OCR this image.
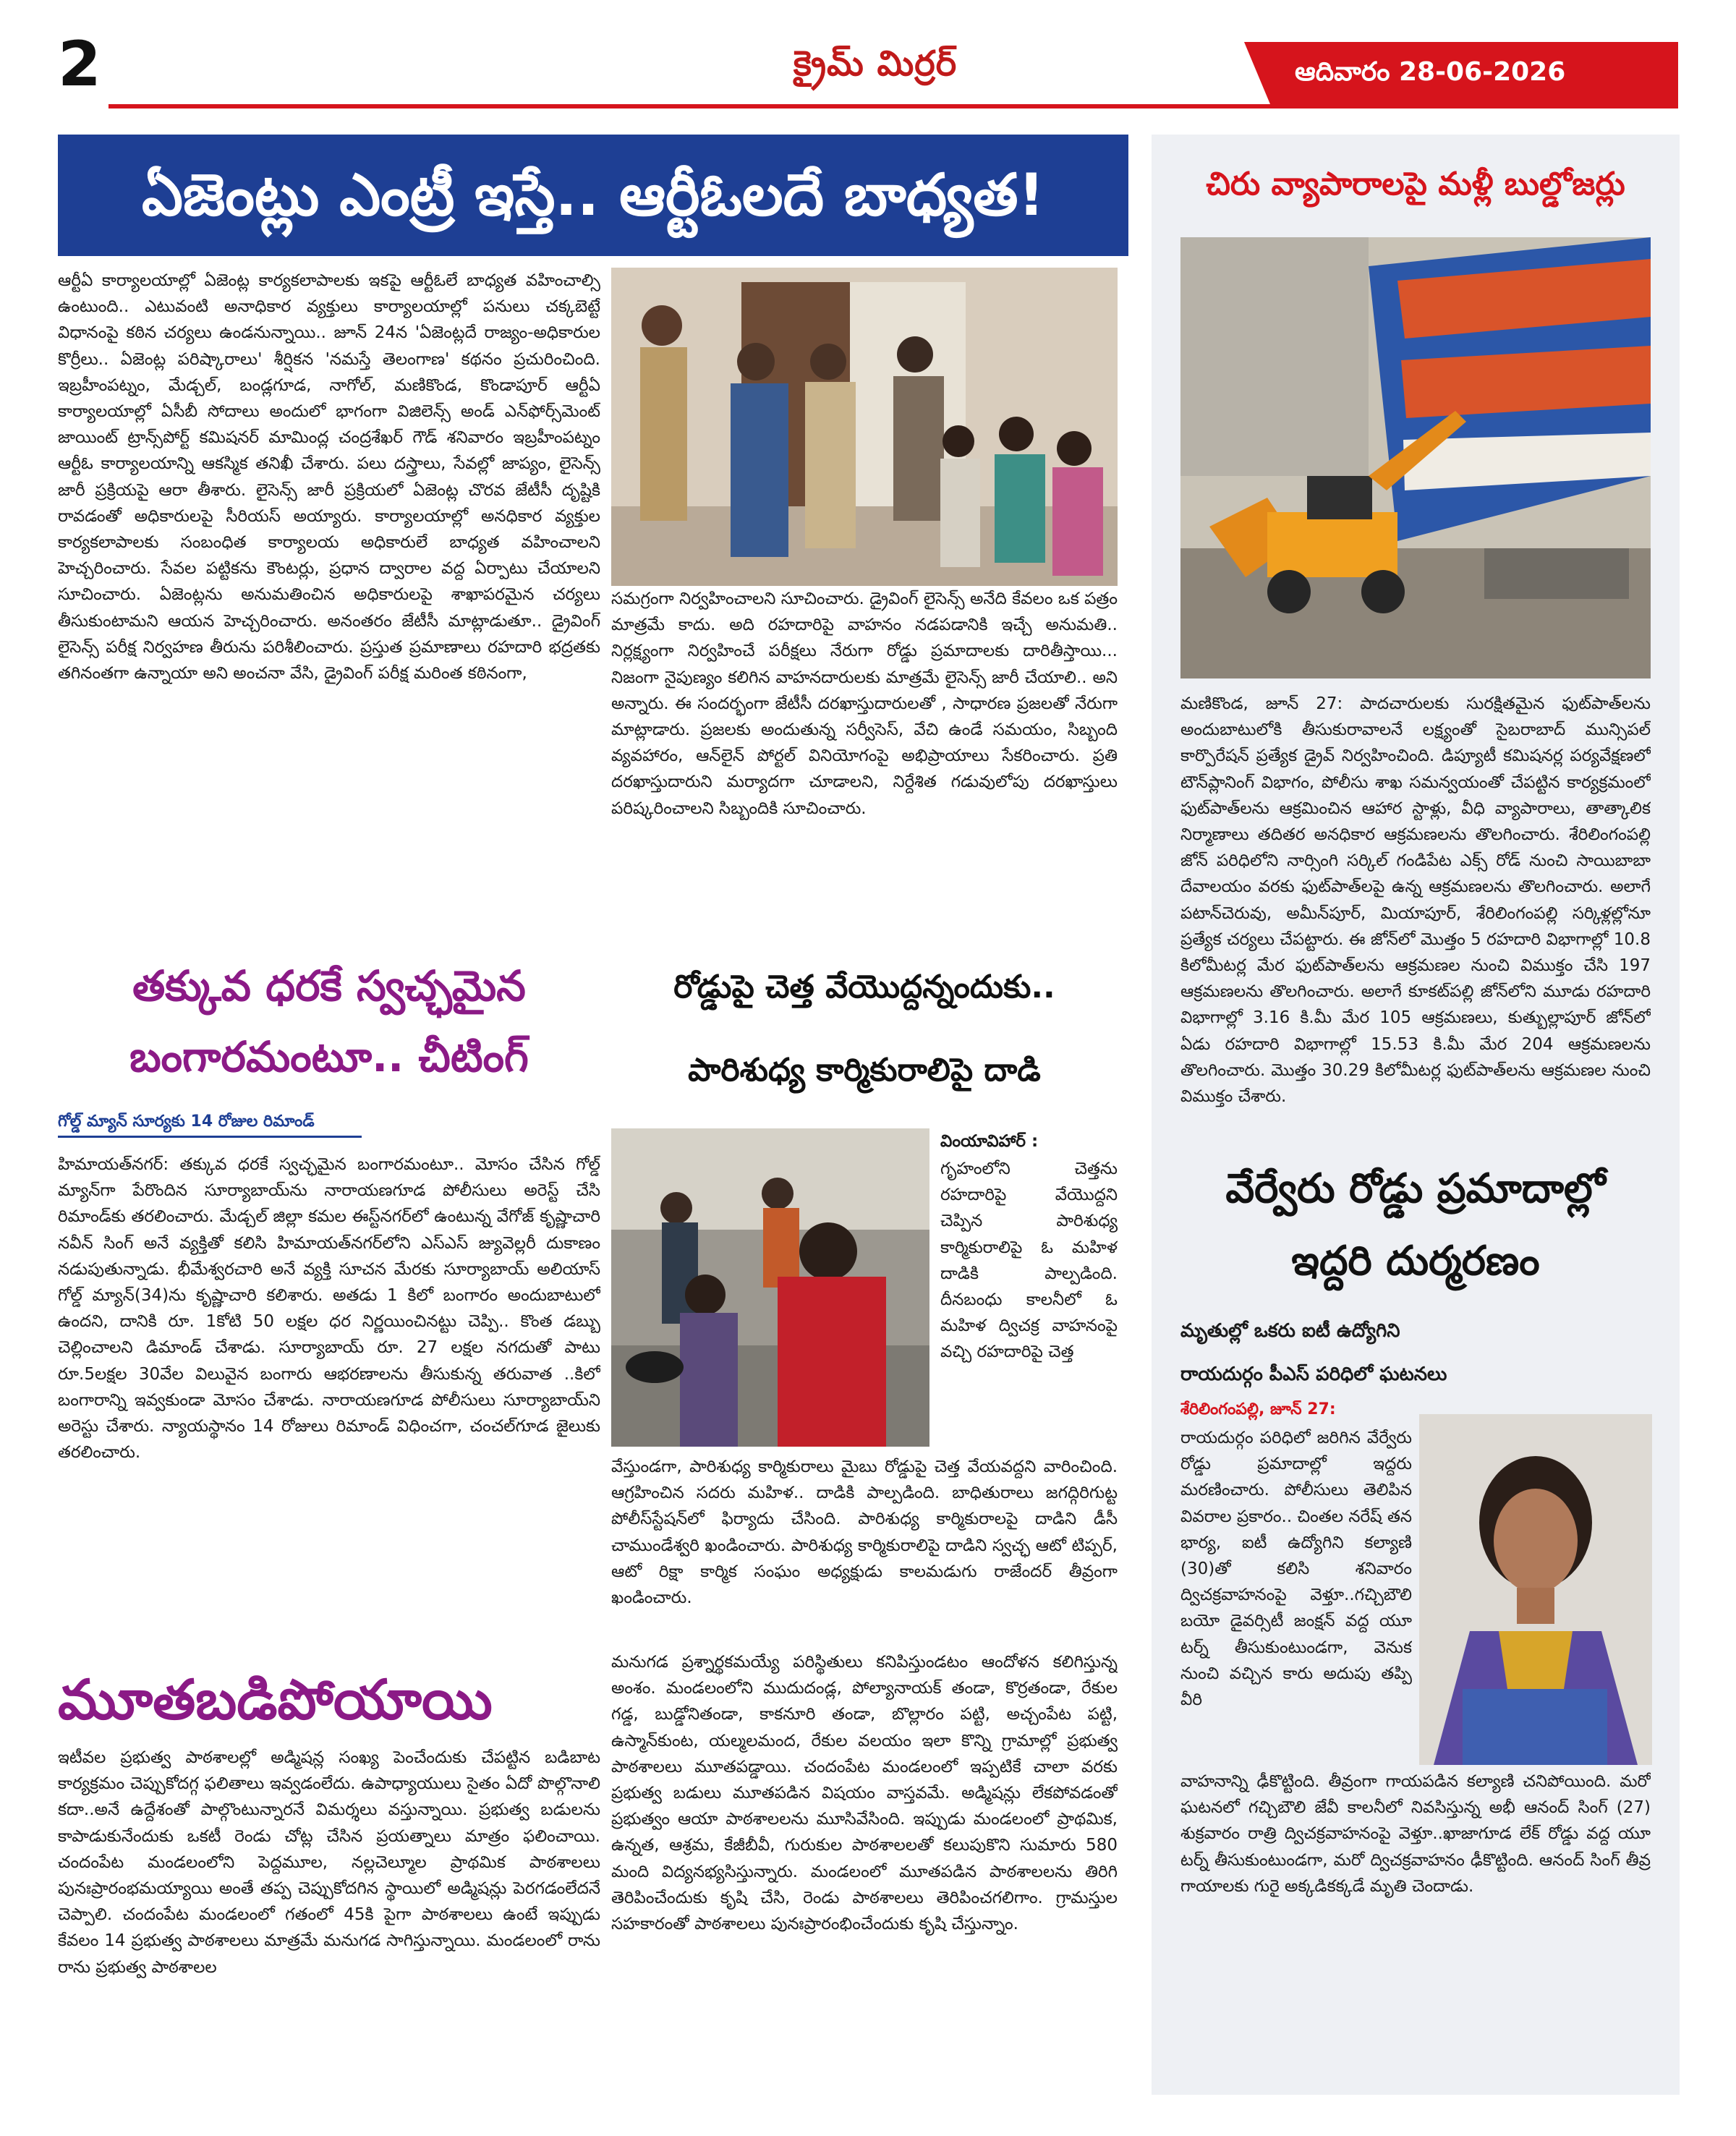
2	క్రైమ్ మిర్రర్	ఆదివారం 28-06-2026
ఏజెంట్లు ఎంట్రీ ఇస్తే.. ఆర్టీఓలదే బాధ్యత!

ఆర్టీఏ కార్యాలయాల్లో ఏజెంట్ల కార్యకలాపాలకు ఇకపై ఆర్టీఓలే బాధ్యత వహించాల్సి ఉంటుంది.. ఎటువంటి అనాధికార వ్యక్తులు కార్యాలయాల్లో పనులు చక్కబెట్టే విధానంపై కఠిన చర్యలు ఉండనున్నాయి.. జూన్ 24న 'ఏజెంట్లదే రాజ్యం-అధికారుల కొర్రీలు.. ఏజెంట్ల పరిష్కారాలు' శీర్షికన 'నమస్తే తెలంగాణ' కథనం ప్రచురించింది. ఇబ్రహీంపట్నం, మేడ్చల్, బండ్లగూడ, నాగోల్, మణికొండ, కొండాపూర్ ఆర్టీఏ కార్యాలయాల్లో ఏసీబీ సోదాలు అందులో భాగంగా విజిలెన్స్ అండ్ ఎన్‌ఫోర్స్‌మెంట్ జాయింట్ ట్రాన్స్‌పోర్ట్ కమిషనర్ మామింద్ల చంద్రశేఖర్ గౌడ్ శనివారం ఇబ్రహీంపట్నం ఆర్టీఓ కార్యాలయాన్ని ఆకస్మిక తనిఖీ చేశారు. పలు దస్త్రాలు, సేవల్లో జాప్యం, లైసెన్స్ జారీ ప్రక్రియపై ఆరా తీశారు. లైసెన్స్ జారీ ప్రక్రియలో ఏజెంట్ల చొరవ జేటీసీ దృష్టికి రావడంతో అధికారులపై సీరియస్ అయ్యారు. కార్యాలయాల్లో అనధికార వ్యక్తుల కార్యకలాపాలకు సంబంధిత కార్యాలయ అధికారులే బాధ్యత వహించాలని హెచ్చరించారు. సేవల పట్టికను కౌంటర్లు, ప్రధాన ద్వారాల వద్ద ఏర్పాటు చేయాలని సూచించారు. ఏజెంట్లను అనుమతించిన అధికారులపై శాఖాపరమైన చర్యలు తీసుకుంటామని ఆయన హెచ్చరించారు. అనంతరం జేటీసీ మాట్లాడుతూ.. డ్రైవింగ్ లైసెన్స్ పరీక్ష నిర్వహణ తీరును పరిశీలించారు. ప్రస్తుత ప్రమాణాలు రహదారి భద్రతకు తగినంతగా ఉన్నాయా అని అంచనా వేసి, డ్రైవింగ్ పరీక్ష మరింత కఠినంగా,

సమగ్రంగా నిర్వహించాలని సూచించారు. డ్రైవింగ్ లైసెన్స్ అనేది కేవలం ఒక పత్రం మాత్రమే కాదు. అది రహదారిపై వాహనం నడపడానికి ఇచ్చే అనుమతి.. నిర్లక్ష్యంగా నిర్వహించే పరీక్షలు నేరుగా రోడ్డు ప్రమాదాలకు దారితీస్తాయి... నిజంగా నైపుణ్యం కలిగిన వాహనదారులకు మాత్రమే లైసెన్స్ జారీ చేయాలి.. అని అన్నారు. ఈ సందర్భంగా జేటీసీ దరఖాస్తుదారులతో , సాధారణ ప్రజలతో నేరుగా మాట్లాడారు. ప్రజలకు అందుతున్న సర్వీసెస్, వేచి ఉండే సమయం, సిబ్బంది వ్యవహారం, ఆన్‌లైన్ పోర్టల్ వినియోగంపై అభిప్రాయాలు సేకరించారు. ప్రతి దరఖాస్తుదారుని మర్యాదగా చూడాలని, నిర్దేశిత గడువులోపు దరఖాస్తులు పరిష్కరించాలని సిబ్బందికి సూచించారు.

తక్కువ ధరకే స్వచ్ఛమైన
బంగారమంటూ.. చీటింగ్
గోల్డ్ మ్యాన్ సూర్యకు 14 రోజుల రిమాండ్

హిమాయత్‌నగర్: తక్కువ ధరకే స్వచ్ఛమైన బంగారమంటూ.. మోసం చేసిన గోల్డ్ మ్యాన్‌గా పేరొందిన సూర్యాబాయ్‌ను నారాయణగూడ పోలీసులు అరెస్ట్ చేసి రిమాండ్‌కు తరలించారు. మేడ్చల్ జిల్లా కమల ఈస్ట్‌నగర్‌లో ఉంటున్న వేగోజ్ కృష్ణాచారి నవీన్ సింగ్ అనే వ్యక్తితో కలిసి హిమాయత్‌నగర్‌లోని ఎస్ఎస్ జ్యువెల్లరీ దుకాణం నడుపుతున్నాడు. భీమేశ్వరచారి అనే వ్యక్తి సూచన మేరకు సూర్యాబాయ్ అలియాస్ గోల్డ్ మ్యాన్(34)ను కృష్ణాచారి కలిశారు. అతడు 1 కిలో బంగారం అందుబాటులో ఉందని, దానికి రూ. 1కోటి 50 లక్షల ధర నిర్ణయించినట్టు చెప్పి.. కొంత డబ్బు చెల్లించాలని డిమాండ్ చేశాడు. సూర్యాబాయ్ రూ. 27 లక్షల నగదుతో పాటు రూ.5లక్షల 30వేల విలువైన బంగారు ఆభరణాలను తీసుకున్న తరువాత ..కిలో బంగారాన్ని ఇవ్వకుండా మోసం చేశాడు. నారాయణగూడ పోలీసులు సూర్యాబాయ్‌ని అరెస్టు చేశారు. న్యాయస్థానం 14 రోజులు రిమాండ్ విధించగా, చంచల్‌గూడ జైలుకు తరలించారు.

రోడ్డుపై చెత్త వేయొద్దన్నందుకు..
పారిశుధ్య కార్మికురాలిపై దాడి
వింయావిహార్ :

గృహంలోని చెత్తను రహదారిపై వేయొద్దని చెప్పిన పారిశుధ్య కార్మికురాలిపై ఓ మహిళ దాడికి పాల్పడింది. దీనబంధు కాలనీలో ఓ మహిళ ద్విచక్ర వాహనంపై వచ్చి రహదారిపై చెత్త

వేస్తుండగా, పారిశుధ్య కార్మికురాలు మైబు రోడ్డుపై చెత్త వేయవద్దని వారించింది. ఆగ్రహించిన సదరు మహిళ.. దాడికి పాల్పడింది. బాధితురాలు జగద్గిరిగుట్ట పోలీస్‌స్టేషన్‌లో ఫిర్యాదు చేసింది. పారిశుధ్య కార్మికురాలపై దాడిని డీసీ చాముండేశ్వరి ఖండించారు. పారిశుధ్య కార్మికురాలిపై దాడిని స్వచ్ఛ ఆటో టిప్పర్, ఆటో రిక్షా కార్మిక సంఘం అధ్యక్షుడు కాలమడుగు రాజేందర్ తీవ్రంగా ఖండించారు.

మూతబడిపోయాయి

ఇటీవల ప్రభుత్వ పాఠశాలల్లో అడ్మిషన్ల సంఖ్య పెంచేందుకు చేపట్టిన బడిబాట కార్యక్రమం చెప్పుకోదగ్గ ఫలితాలు ఇవ్వడంలేదు. ఉపాధ్యాయులు సైతం ఏదో పొల్గొనాలి కదా..అనే ఉద్దేశంతో పాల్గొంటున్నారనే విమర్శలు వస్తున్నాయి. ప్రభుత్వ బడులను కాపాడుకునేందుకు ఒకటీ రెండు చోట్ల చేసిన ప్రయత్నాలు మాత్రం ఫలించాయి. చందంపేట మండలంలోని పెద్దమూల, నల్లచెల్మూల ప్రాథమిక పాఠశాలలు పునఃప్రారంభమయ్యాయి అంతే తప్ప చెప్పుకోదగిన స్థాయిలో అడ్మిషన్లు పెరగడంలేదనే చెప్పాలి. చందంపేట మండలంలో గతంలో 45కి పైగా పాఠశాలలు ఉంటే ఇప్పుడు కేవలం 14 ప్రభుత్వ పాఠశాలలు మాత్రమే మనుగడ సాగిస్తున్నాయి. మండలంలో రాను రాను ప్రభుత్వ పాఠశాలల

మనుగడ ప్రశ్నార్థకమయ్యే పరిస్థితులు కనిపిస్తుండటం ఆందోళన కలిగిస్తున్న అంశం. మండలంలోని ముదుదండ్ల, పోల్యానాయక్ తండా, కొర్రతండా, రేకుల గడ్డ, బుడ్డోనితండా, కాకనూరి తండా, బొల్లారం పట్టి, అచ్చంపేట పట్టి, ఉస్మాన్‌కుంట, యల్మలమంద, రేకుల వలయం ఇలా కొన్ని గ్రామాల్లో ప్రభుత్వ పాఠశాలలు మూతపడ్డాయి. చందంపేట మండలంలో ఇప్పటికే చాలా వరకు ప్రభుత్వ బడులు మూతపడిన విషయం వాస్తవమే. అడ్మిషన్లు లేకపోవడంతో ప్రభుత్వం ఆయా పాఠశాలలను మూసివేసింది. ఇప్పుడు మండలంలో ప్రాథమిక, ఉన్నత, ఆశ్రమ, కేజీబీవీ, గురుకుల పాఠశాలలతో కలుపుకొని సుమారు 580 మంది విద్యనభ్యసిస్తున్నారు. మండలంలో మూతపడిన పాఠశాలలను తిరిగి తెరిపించేందుకు కృషి చేసి, రెండు పాఠశాలలు తెరిపించగలిగాం. గ్రామస్తుల సహకారంతో పాఠశాలలు పునఃప్రారంభించేందుకు కృషి చేస్తున్నాం.

చిరు వ్యాపారాలపై మళ్లీ బుల్డోజర్లు

మణికొండ, జూన్ 27: పాదచారులకు సురక్షితమైన ఫుట్‌పాత్‌లను అందుబాటులోకి తీసుకురావాలనే లక్ష్యంతో సైబరాబాద్ మున్సిపల్ కార్పొరేషన్ ప్రత్యేక డ్రైవ్ నిర్వహించింది. డిప్యూటీ కమిషనర్ల పర్యవేక్షణలో టౌన్‌ప్లానింగ్ విభాగం, పోలీసు శాఖ సమన్వయంతో చేపట్టిన కార్యక్రమంలో ఫుట్‌పాత్‌లను ఆక్రమించిన ఆహార స్టాళ్లు, వీధి వ్యాపారాలు, తాత్కాలిక నిర్మాణాలు తదితర అనధికార ఆక్రమణలను తొలగించారు. శేరిలింగంపల్లి జోన్ పరిధిలోని నార్సింగి సర్కిల్ గండిపేట ఎక్స్ రోడ్ నుంచి సాయిబాబా దేవాలయం వరకు ఫుట్‌పాత్‌లపై ఉన్న ఆక్రమణలను తొలగించారు. అలాగే పటాన్‌చెరువు, అమీన్‌పూర్, మియాపూర్, శేరిలింగంపల్లి సర్కిళ్లల్లోనూ ప్రత్యేక చర్యలు చేపట్టారు. ఈ జోన్‌లో మొత్తం 5 రహదారి విభాగాల్లో 10.8 కిలోమీటర్ల మేర ఫుట్‌పాత్‌లను ఆక్రమణల నుంచి విముక్తం చేసి 197 ఆక్రమణలను తొలగించారు. అలాగే కూకట్‌పల్లి జోన్‌లోని మూడు రహదారి విభాగాల్లో 3.16 కి.మీ మేర 105 ఆక్రమణలు, కుత్బుల్లాపూర్ జోన్‌లో ఏడు రహదారి విభాగాల్లో 15.53 కి.మీ మేర 204 ఆక్రమణలను తొలగించారు. మొత్తం 30.29 కిలోమీటర్ల ఫుట్‌పాత్‌లను ఆక్రమణల నుంచి విముక్తం చేశారు.

వేర్వేరు రోడ్డు ప్రమాదాల్లో
ఇద్దరి దుర్మరణం
మృతుల్లో ఒకరు ఐటీ ఉద్యోగిని
రాయదుర్గం పీఎస్ పరిధిలో ఘటనలు
శేరిలింగంపల్లి, జూన్ 27:

రాయదుర్గం పరిధిలో జరిగిన వేర్వేరు రోడ్డు ప్రమాదాల్లో ఇద్దరు మరణించారు. పోలీసులు తెలిపిన వివరాల ప్రకారం.. చింతల నరేష్ తన భార్య, ఐటీ ఉద్యోగిని కల్యాణి (30)తో కలిసి శనివారం ద్విచక్రవాహనంపై వెళ్తూ..గచ్చిబౌలి బయో డైవర్సిటీ జంక్షన్ వద్ద యూ టర్న్ తీసుకుంటుండగా, వెనుక నుంచి వచ్చిన కారు అదుపు తప్పి వీరి

వాహనాన్ని ఢీకొట్టింది. తీవ్రంగా గాయపడిన కల్యాణి చనిపోయింది. మరో ఘటనలో గచ్చిబౌలి జేవీ కాలనీలో నివసిస్తున్న అభీ ఆనంద్ సింగ్ (27) శుక్రవారం రాత్రి ద్విచక్రవాహనంపై వెళ్తూ..ఖాజాగూడ లేక్ రోడ్డు వద్ద యూ టర్న్ తీసుకుంటుండగా, మరో ద్విచక్రవాహనం ఢీకొట్టింది. ఆనంద్ సింగ్ తీవ్ర గాయాలకు గురై అక్కడికక్కడే మృతి చెందాడు.
